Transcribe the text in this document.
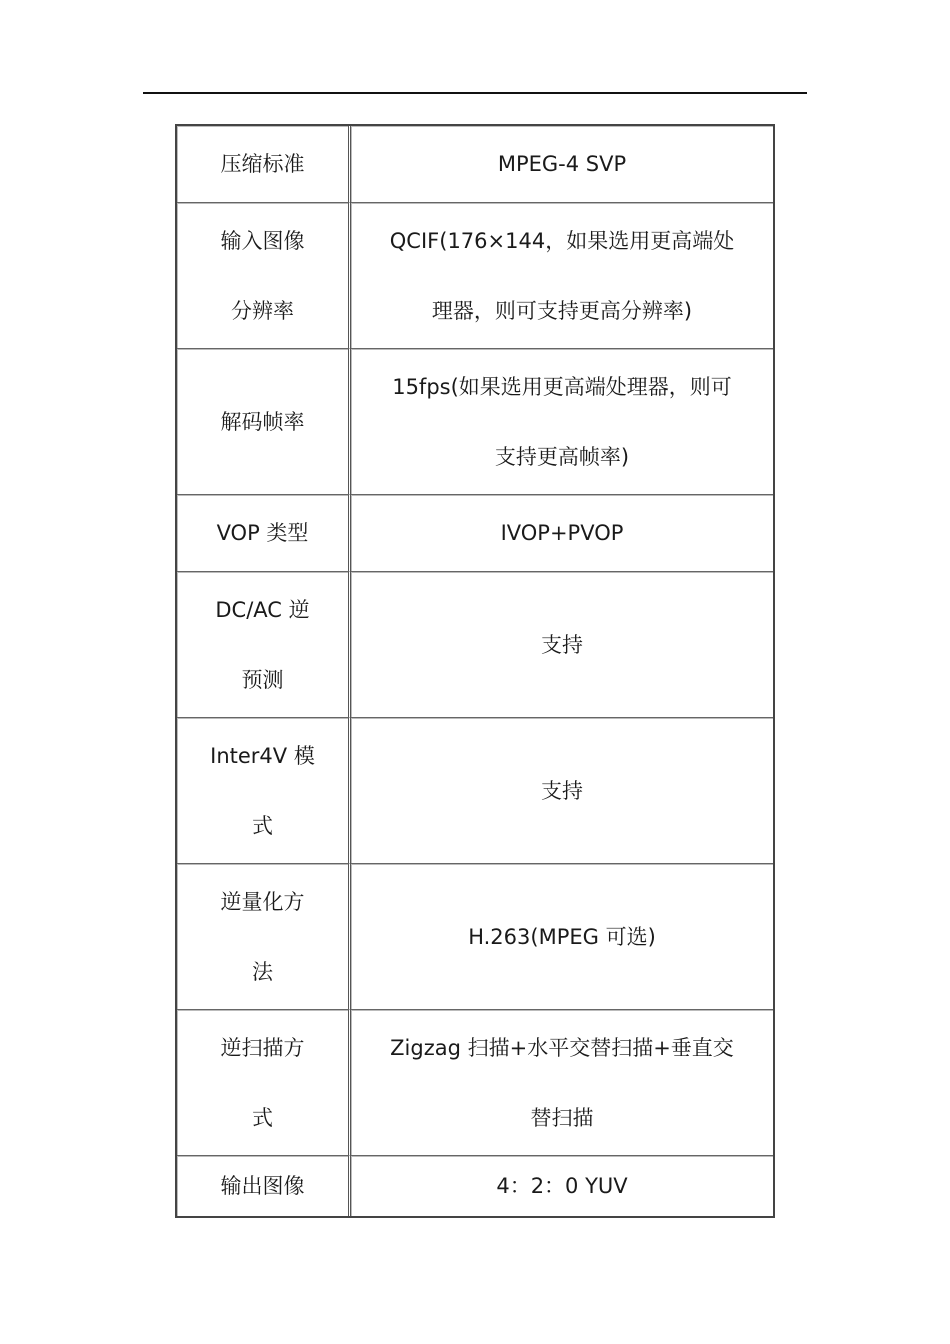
压缩标准	MPEG-4 SVP

输入图像
分辨率	QCIF(176×144，如果选用更高端处
理器，则可支持更高分辨率)

解码帧率	15fps(如果选用更高端处理器，则可
支持更高帧率)

VOP 类型	IVOP+PVOP

DC/AC 逆
预测	支持

Inter4V 模
式	支持

逆量化方
法	H.263(MPEG 可选)

逆扫描方
式	Zigzag 扫描+水平交替扫描+垂直交
替扫描

输出图像	4：2：0 YUV
